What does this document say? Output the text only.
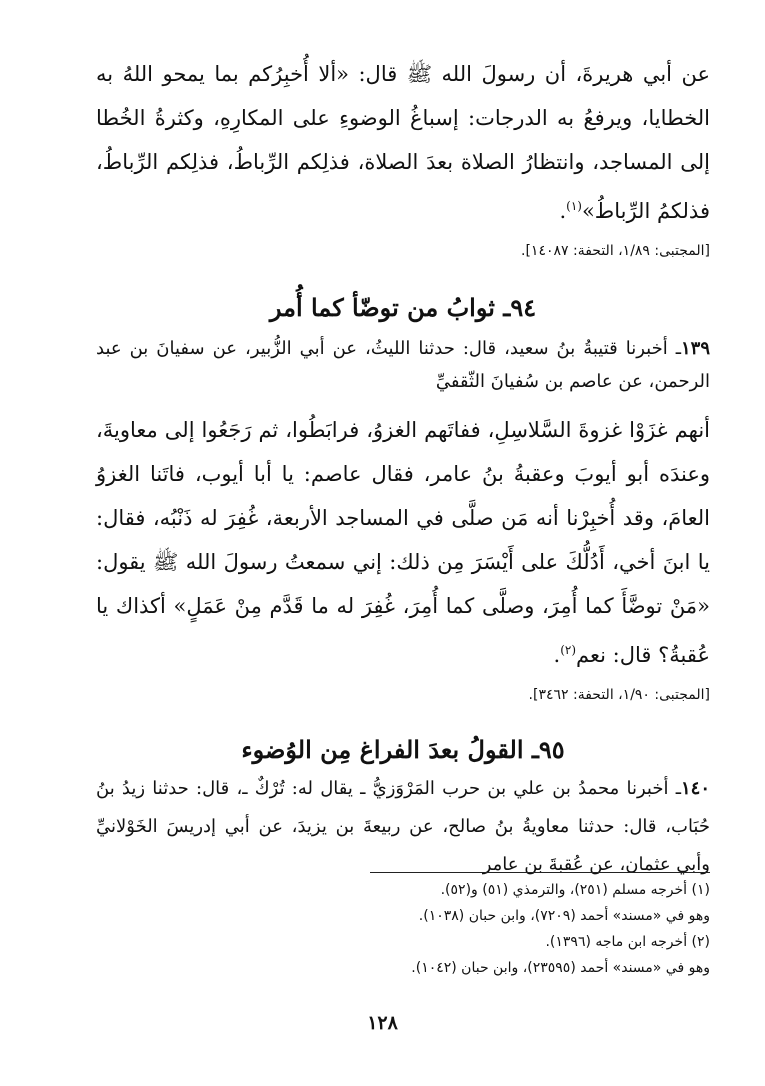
عن أبي هريرةَ، أن رسولَ الله ﷺ قال: «ألا أُخبِرُكم بما يمحو اللهُ به الخطايا، ويرفعُ به الدرجات: إسباغُ الوضوءِ على المكارِهِ، وكثرةُ الخُطا إلى المساجد، وانتظارُ الصلاة بعدَ الصلاة، فذلِكم الرِّباطُ، فذلِكم الرِّباطُ، فذلكمُ الرِّباطُ»$^{(١)}$.

[المجتبى: ١/٨٩، التحفة: ١٤٠٨٧].

٩٤ـ ثوابُ من توضّأ كما أُمر

١٣٩ـ أخبرنا قتيبةُ بنُ سعيد، قال: حدثنا الليثُ، عن أبي الزُّبير، عن سفيانَ بن عبد الرحمن، عن عاصم بن سُفيانَ الثّقفيِّ

أنهم غزَوْا غزوةَ السَّلاسِلِ، ففاتَهم الغزوُ، فرابَطُوا، ثم رَجَعُوا إلى معاويةَ، وعندَه أبو أيوبَ وعقبةُ بنُ عامر، فقال عاصم: يا أبا أيوب، فاتَنا الغزوُ العامَ، وقد أُخبِرْنا أنه مَن صلَّى في المساجد الأربعة، غُفِرَ له ذَنْبُه، فقال: يا ابنَ أخي، أَدُلُّكَ على أَيْسَرَ مِن ذلك: إني سمعتُ رسولَ الله ﷺ يقول: «مَنْ توضَّأَ كما أُمِرَ، وصلَّى كما أُمِرَ، غُفِرَ له ما قَدَّم مِنْ عَمَلٍ» أكذاك يا عُقبةُ؟ قال: نعم$^{(٢)}$.

[المجتبى: ١/٩٠، التحفة: ٣٤٦٢].

٩٥ـ القولُ بعدَ الفراغ مِن الوُضوء

١٤٠ـ أخبرنا محمدُ بن علي بن حرب المَرْوَزيُّ ـ يقال له: تُرْكٌ ـ، قال: حدثنا زيدُ بنُ حُبَاب، قال: حدثنا معاويةُ بنُ صالح، عن ربيعةَ بن يزيدَ، عن أبي إدريسَ الخَوْلانيِّ وأبي عثمان، عن عُقبةَ بن عامر

(١) أخرجه مسلم (٢٥١)، والترمذي (٥١) و(٥٢).
وهو في «مسند» أحمد (٧٢٠٩)، وابن حبان (١٠٣٨).
(٢) أخرجه ابن ماجه (١٣٩٦).
وهو في «مسند» أحمد (٢٣٥٩٥)، وابن حبان (١٠٤٢).
١٢٨
